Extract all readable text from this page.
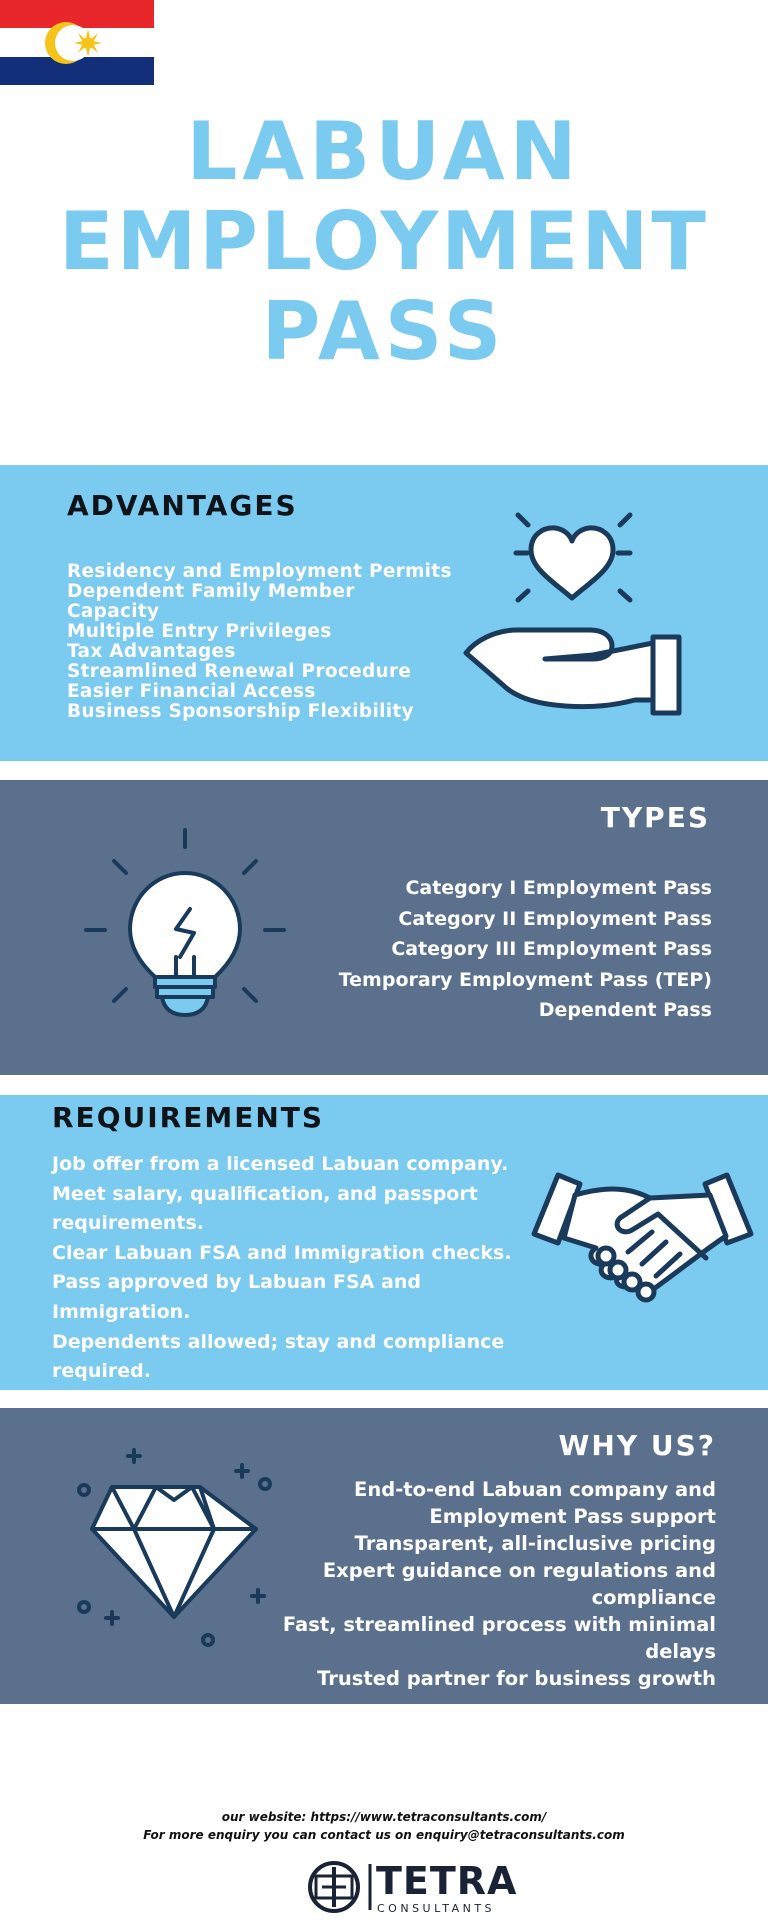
LABUAN
EMPLOYMENT
PASS
ADVANTAGES
Residency and Employment Permits
Dependent Family Member
Capacity
Multiple Entry Privileges
Tax Advantages
Streamlined Renewal Procedure
Easier Financial Access
Business Sponsorship Flexibility
TYPES
Category I Employment Pass
Category II Employment Pass
Category III Employment Pass
Temporary Employment Pass (TEP)
Dependent Pass
REQUIREMENTS
Job offer from a licensed Labuan company.
Meet salary, qualification, and passport requirements.
Clear Labuan FSA and Immigration checks.
Pass approved by Labuan FSA and Immigration.
Dependents allowed; stay and compliance required.
WHY US?
End-to-end Labuan company and Employment Pass support
Transparent, all-inclusive pricing
Expert guidance on regulations and compliance
Fast, streamlined process with minimal delays
Trusted partner for business growth
our website: https://www.tetraconsultants.com/
For more enquiry you can contact us on enquiry@tetraconsultants.com
TETRA
CONSULTANTS
